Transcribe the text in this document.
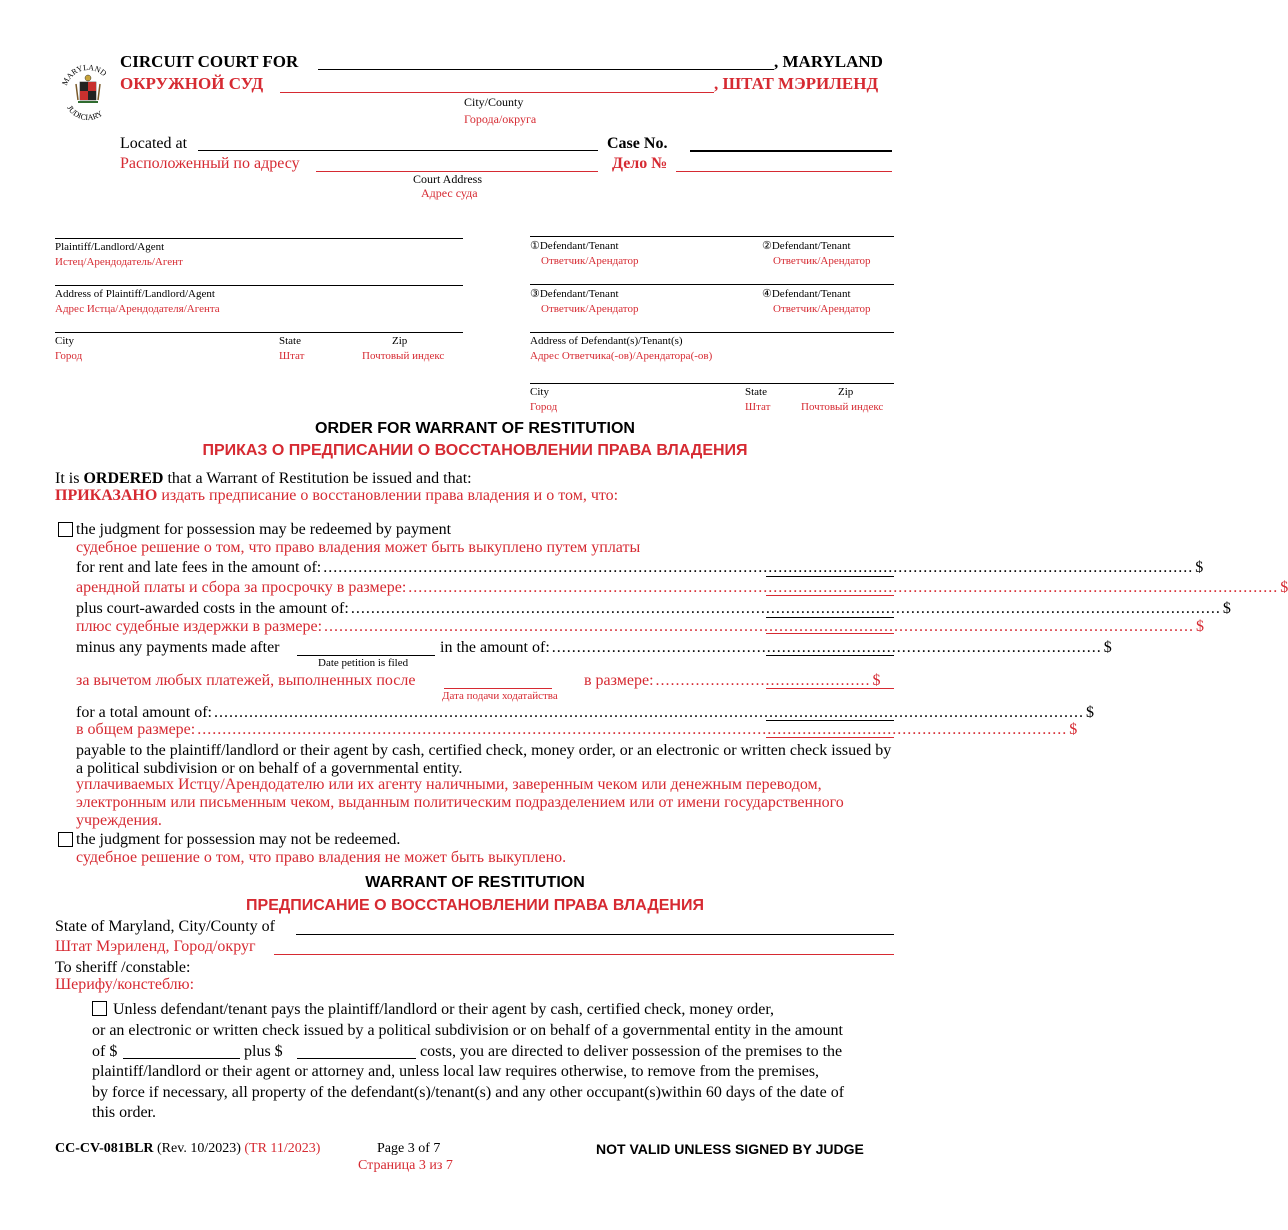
MARYLAND
JUDICIARY
CIRCUIT COURT FOR	, MARYLAND
ОКРУЖНОЙ СУД	, ШТАТ МЭРИЛЕНД
City/County
Города/округа
Located at	Case No.
Расположенный по адресу	Дело №
Court Address
Адрес суда
Plaintiff/Landlord/Agent
Истец/Арендодатель/Агент
Address of Plaintiff/Landlord/Agent
Адрес Истца/Арендодателя/Агента
City
Город
State
Штат
Zip
Почтовый индекс
①Defendant/Tenant
Ответчик/Арендатор
②Defendant/Tenant
Ответчик/Арендатор
③Defendant/Tenant
Ответчик/Арендатор
④Defendant/Tenant
Ответчик/Арендатор
Address of Defendant(s)/Tenant(s)
Адрес Ответчика(-ов)/Арендатора(-ов)
City
Город
State
Штат
Zip
Почтовый индекс
ORDER FOR WARRANT OF RESTITUTION
ПРИКАЗ О ПРЕДПИСАНИИ О ВОССТАНОВЛЕНИИ ПРАВА ВЛАДЕНИЯ
It is ORDERED that a Warrant of Restitution be issued and that:
ПРИКАЗАНО издать предписание о восстановлении права владения и о том, что:
the judgment for possession may be redeemed by payment
судебное решение о том, что право владения может быть выкуплено путем уплаты
for rent and late fees in the amount of: .............................................................................................................................................................................. $
арендной платы и сбора за просрочку в размере: .............................................................................................................................................................................. $
plus court-awarded costs in the amount of: .............................................................................................................................................................................. $
плюс судебные издержки в размере: .............................................................................................................................................................................. $
minus any payments made after	in the amount of: .............................................................................................................. $
Date petition is filed
за вычетом любых платежей, выполненных после	в размере: ........................................... $
Дата подачи ходатайства
for a total amount of: .............................................................................................................................................................................. $
в общем размере: .............................................................................................................................................................................. $
payable to the plaintiff/landlord or their agent by cash, certified check, money order, or an electronic or written check issued by a political subdivision or on behalf of a governmental entity.
уплачиваемых Истцу/Арендодателю или их агенту наличными, заверенным чеком или денежным переводом, электронным или письменным чеком, выданным политическим подразделением или от имени государственного учреждения.
the judgment for possession may not be redeemed.
судебное решение о том, что право владения не может быть выкуплено.
WARRANT OF RESTITUTION
ПРЕДПИСАНИЕ О ВОССТАНОВЛЕНИИ ПРАВА ВЛАДЕНИЯ
State of Maryland, City/County of
Штат Мэриленд, Город/округ
To sheriff /constable:
Шерифу/констеблю:
Unless defendant/tenant pays the plaintiff/landlord or their agent by cash, certified check, money order,
or an electronic or written check issued by a political subdivision or on behalf of a governmental entity in the amount
of $	plus $	costs, you are directed to deliver possession of the premises to the
plaintiff/landlord or their agent or attorney and, unless local law requires otherwise, to remove from the premises,
by force if necessary, all property of the defendant(s)/tenant(s) and any other occupant(s)within 60 days of the date of
this order.
CC-CV-081BLR (Rev. 10/2023) (TR 11/2023)	Page 3 of 7
Страница 3 из 7
NOT VALID UNLESS SIGNED BY JUDGE
